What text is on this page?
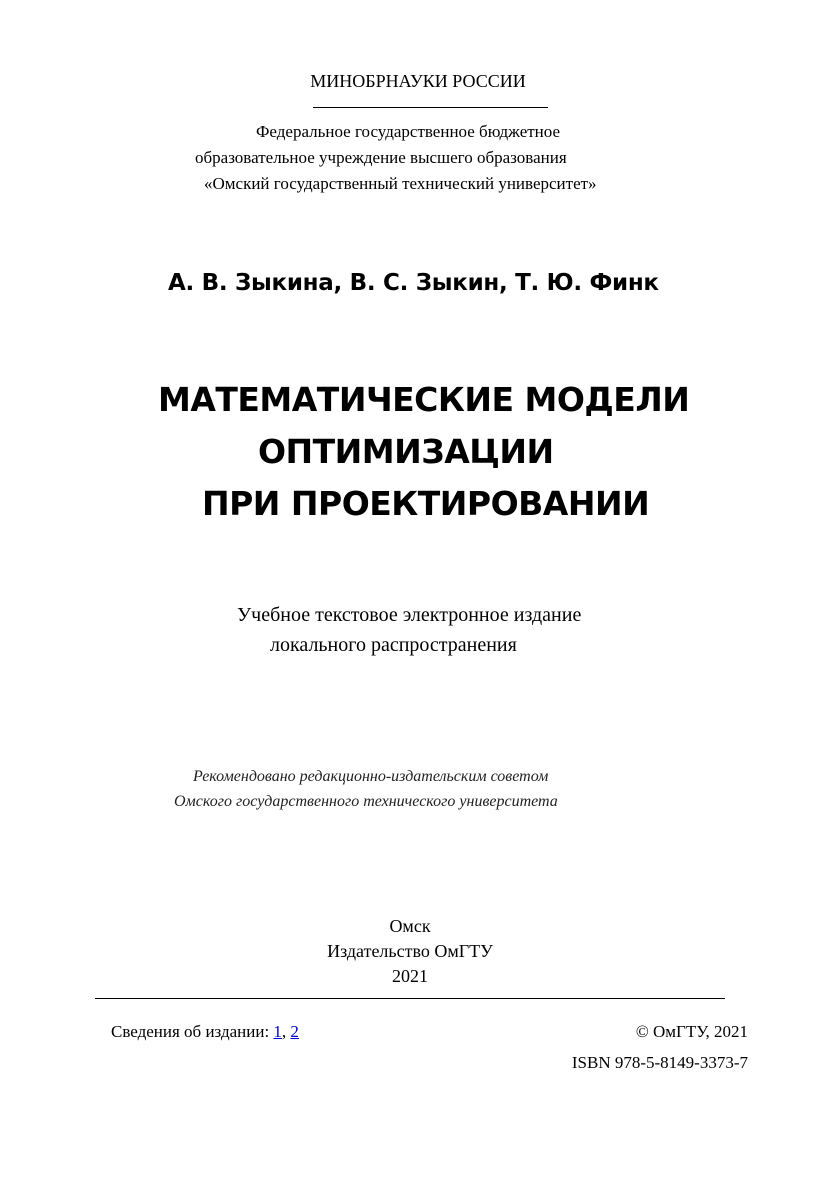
МИНОБРНАУКИ РОССИИ
Федеральное государственное бюджетное
образовательное учреждение высшего образования
«Омский государственный технический университет»
А. В. Зыкина, В. С. Зыкин, Т. Ю. Финк
МАТЕМАТИЧЕСКИЕ МОДЕЛИ
ОПТИМИЗАЦИИ
ПРИ ПРОЕКТИРОВАНИИ
Учебное текстовое электронное издание
локального распространения
Рекомендовано редакционно-издательским советом
Омского государственного технического университета
Омск
Издательство ОмГТУ
2021
Сведения об издании: 1, 2	© ОмГТУ, 2021
ISBN 978-5-8149-3373-7
